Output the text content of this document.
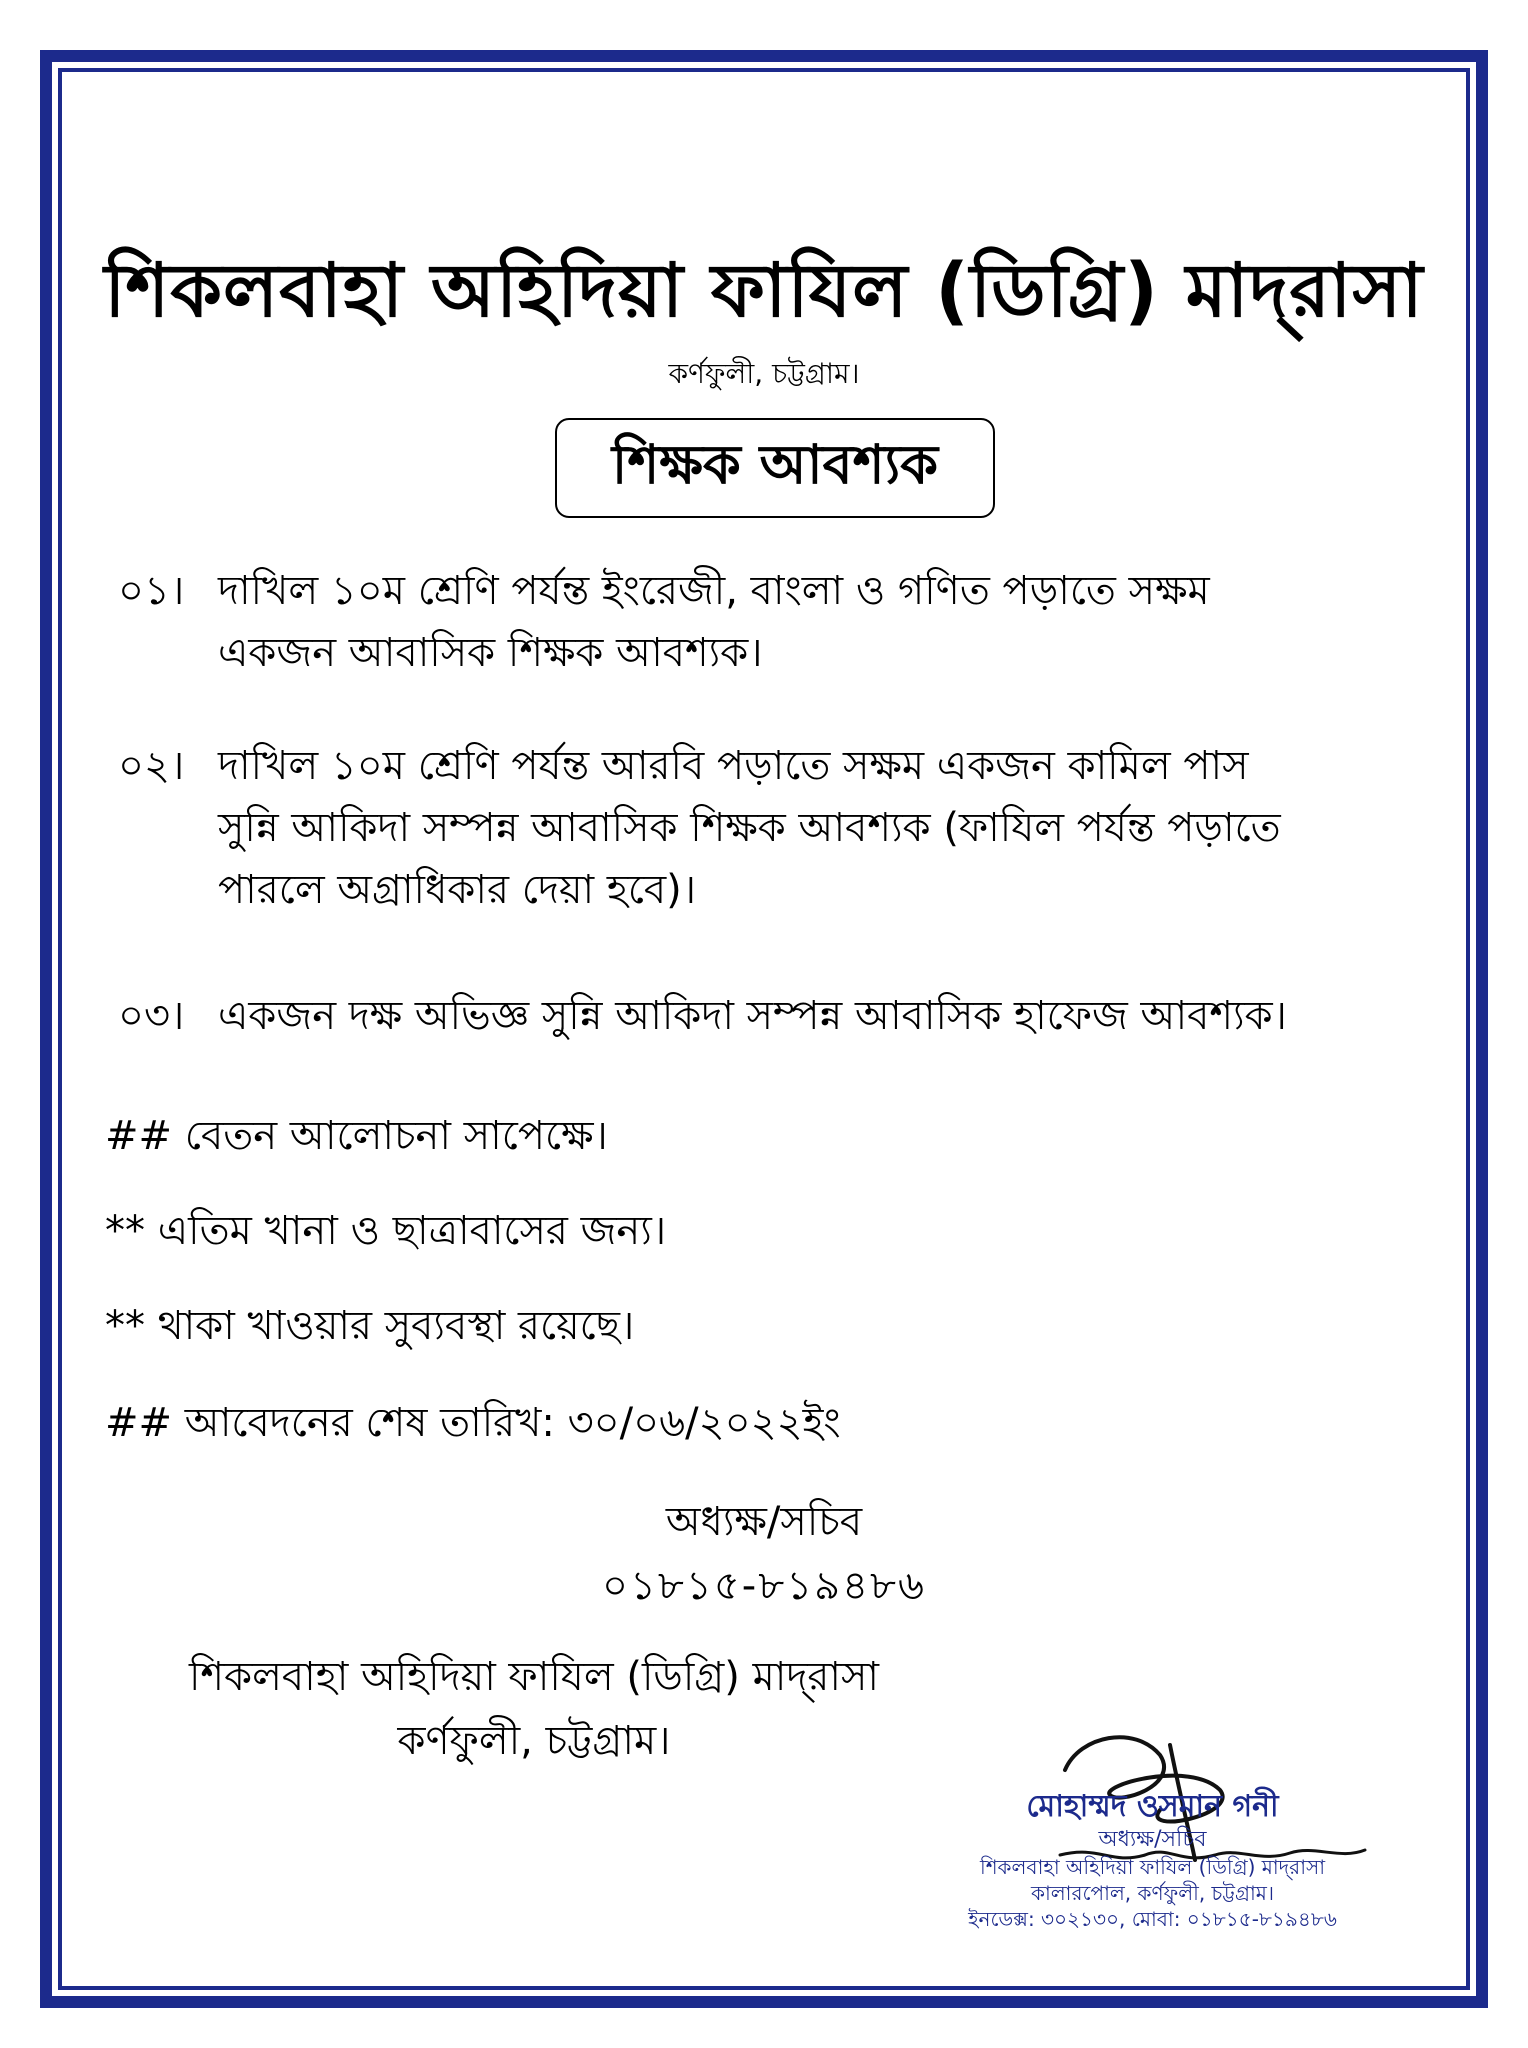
শিকলবাহা অহিদিয়া ফাযিল (ডিগ্রি) মাদ্‌রাসা
কর্ণফুলী, চট্টগ্রাম।
শিক্ষক আবশ্যক
০১। দাখিল ১০ম শ্রেণি পর্যন্ত ইংরেজী, বাংলা ও গণিত পড়াতে সক্ষম
একজন আবাসিক শিক্ষক আবশ্যক।
০২। দাখিল ১০ম শ্রেণি পর্যন্ত আরবি পড়াতে সক্ষম একজন কামিল পাস
সুন্নি আকিদা সম্পন্ন আবাসিক শিক্ষক আবশ্যক (ফাযিল পর্যন্ত পড়াতে
পারলে অগ্রাধিকার দেয়া হবে)।
০৩। একজন দক্ষ অভিজ্ঞ সুন্নি আকিদা সম্পন্ন আবাসিক হাফেজ আবশ্যক।
## বেতন আলোচনা সাপেক্ষে।
** এতিম খানা ও ছাত্রাবাসের জন্য।
** থাকা খাওয়ার সুব্যবস্থা রয়েছে।
## আবেদনের শেষ তারিখ: ৩০/০৬/২০২২ইং
অধ্যক্ষ/সচিব
০১৮১৫-৮১৯৪৮৬
শিকলবাহা অহিদিয়া ফাযিল (ডিগ্রি) মাদ্‌রাসা
কর্ণফুলী, চট্টগ্রাম।
মোহাম্মদ ওসমান গনী
অধ্যক্ষ/সচিব
শিকলবাহা অহিদিয়া ফাযিল (ডিগ্রি) মাদ্‌রাসা
কালারপোল, কর্ণফুলী, চট্টগ্রাম।
ইনডেক্স: ৩০২১৩০, মোবা: ০১৮১৫-৮১৯৪৮৬
